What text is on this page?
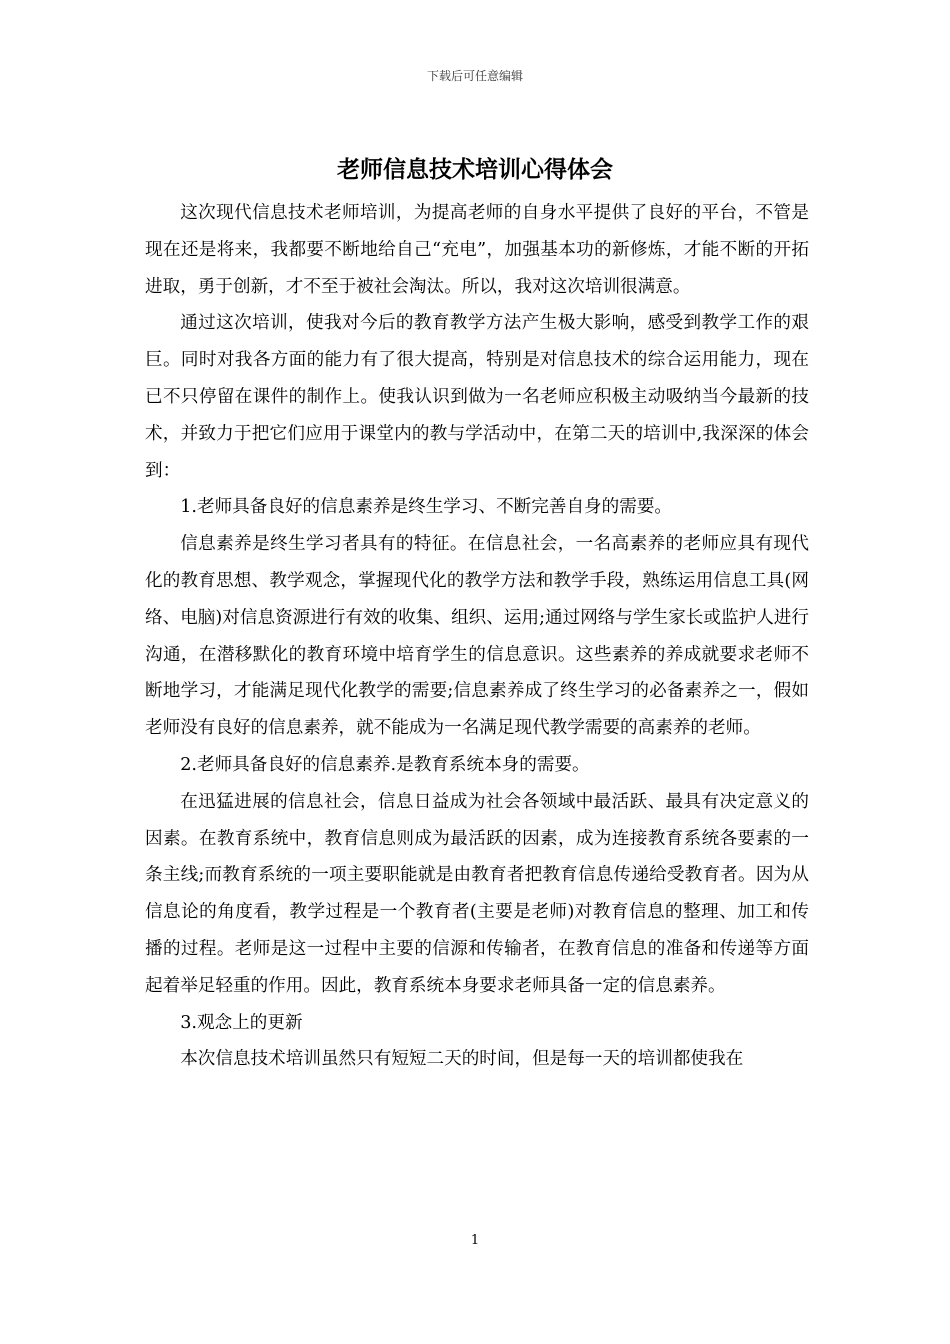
下载后可任意编辑
老师信息技术培训心得体会

这次现代信息技术老师培训，为提高老师的自身水平提供了良好的平台，不管是现在还是将来，我都要不断地给自己“充电”，加强基本功的新修炼，才能不断的开拓进取，勇于创新，才不至于被社会淘汰。所以，我对这次培训很满意。

通过这次培训，使我对今后的教育教学方法产生极大影响，感受到教学工作的艰巨。同时对我各方面的能力有了很大提高，特别是对信息技术的综合运用能力，现在已不只停留在课件的制作上。使我认识到做为一名老师应积极主动吸纳当今最新的技术，并致力于把它们应用于课堂内的教与学活动中，在第二天的培训中,我深深的体会到：

1.老师具备良好的信息素养是终生学习、不断完善自身的需要。

信息素养是终生学习者具有的特征。在信息社会，一名高素养的老师应具有现代化的教育思想、教学观念，掌握现代化的教学方法和教学手段，熟练运用信息工具(网络、电脑)对信息资源进行有效的收集、组织、运用;通过网络与学生家长或监护人进行沟通，在潜移默化的教育环境中培育学生的信息意识。这些素养的养成就要求老师不断地学习，才能满足现代化教学的需要;信息素养成了终生学习的必备素养之一，假如老师没有良好的信息素养，就不能成为一名满足现代教学需要的高素养的老师。

2.老师具备良好的信息素养.是教育系统本身的需要。

在迅猛进展的信息社会，信息日益成为社会各领域中最活跃、最具有决定意义的因素。在教育系统中，教育信息则成为最活跃的因素，成为连接教育系统各要素的一条主线;而教育系统的一项主要职能就是由教育者把教育信息传递给受教育者。因为从信息论的角度看，教学过程是一个教育者(主要是老师)对教育信息的整理、加工和传播的过程。老师是这一过程中主要的信源和传输者，在教育信息的准备和传递等方面起着举足轻重的作用。因此，教育系统本身要求老师具备一定的信息素养。

3.观念上的更新

本次信息技术培训虽然只有短短二天的时间，但是每一天的培训都使我在

1
